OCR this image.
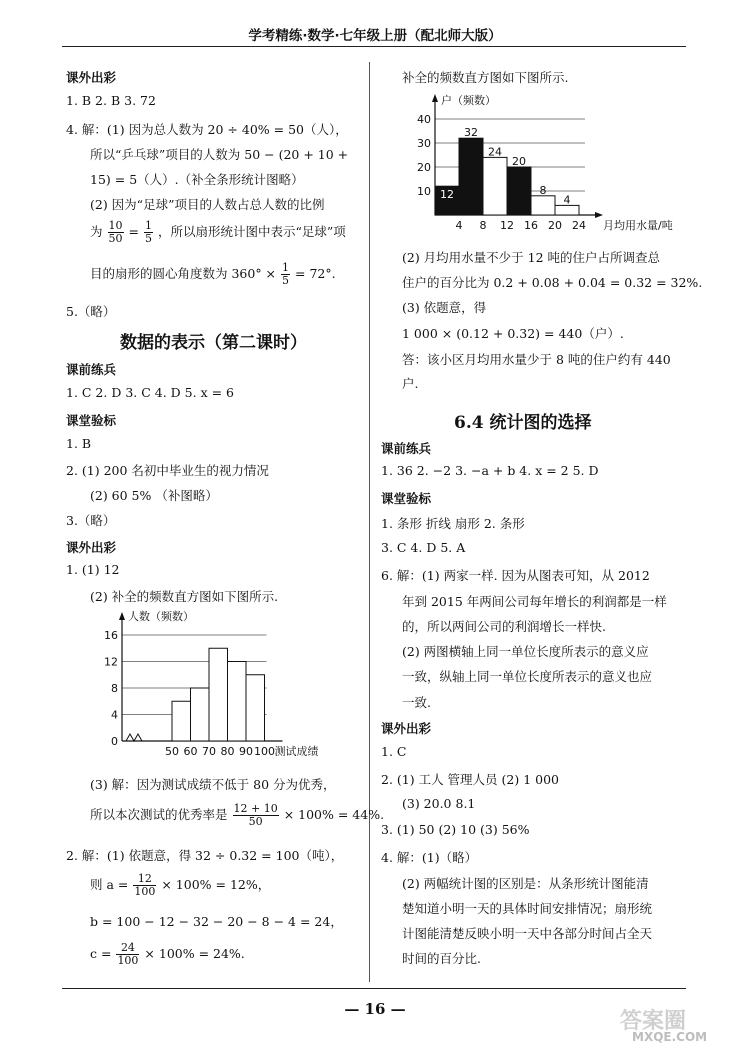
学考精练·数学·七年级上册（配北师大版）
课外出彩
1. B 2. B 3. 72
4. 解：(1) 因为总人数为 20 ÷ 40% = 50（人），
所以“乒乓球”项目的人数为 50 − (20 + 10 +
15) = 5（人）.（补全条形统计图略）
(2) 因为“足球”项目的人数占总人数的比例
为 $\frac{10}{50} = \frac{1}{5}$ ，所以扇形统计图中表示“足球”项
目的扇形的圆心角度数为 $360^\circ \times \frac{1}{5} = 72^\circ$.
5.（略）
数据的表示（第二课时）
课前练兵
1. C 2. D 3. C 4. D 5. x = 6
课堂验标
1. B
2. (1) 200 名初中毕业生的视力情况
(2) 60 5% （补图略）
3.（略）
课外出彩
1. (1) 12
(2) 补全的频数直方图如下图所示.
0
4
8
12
16
50 60 70 80 90 100
人数（频数）
测试成绩
(3) 解：因为测试成绩不低于 80 分为优秀，
所以本次测试的优秀率是 $\frac{12 + 10}{50} \times 100\% = 44\%$.
2. 解：(1) 依题意，得 32 ÷ 0.32 = 100（吨），
则 $a = \frac{12}{100} \times 100\% = 12\%$，
b = 100 − 12 − 32 − 20 − 8 − 4 = 24，
$c = \frac{24}{100} \times 100\% = 24\%$.
补全的频数直方图如下图所示.
10
20
30
40
12
32
24
20
8
4
4 8 12 16 20 24
户（频数）
月均用水量/吨
(2) 月均用水量不少于 12 吨的住户占所调查总
住户的百分比为 0.2 + 0.08 + 0.04 = 0.32 = 32%.
(3) 依题意，得
1 000 × (0.12 + 0.32) = 440（户）.
答：该小区月均用水量少于 8 吨的住户约有 440
户.
6.4 统计图的选择
课前练兵
1. 36 2. −2 3. −a + b 4. x = 2 5. D
课堂验标
1. 条形 折线 扇形 2. 条形
3. C 4. D 5. A
6. 解：(1) 两家一样. 因为从图表可知，从 2012
年到 2015 年两间公司每年增长的利润都是一样
的，所以两间公司的利润增长一样快.
(2) 两图横轴上同一单位长度所表示的意义应
一致，纵轴上同一单位长度所表示的意义也应
一致.
课外出彩
1. C
2. (1) 工人 管理人员 (2) 1 000
(3) 20.0 8.1
3. (1) 50 (2) 10 (3) 56%
4. 解：(1)（略）
(2) 两幅统计图的区别是：从条形统计图能清
楚知道小明一天的具体时间安排情况；扇形统
计图能清楚反映小明一天中各部分时间占全天
时间的百分比.
— 16 —	答案圈
MXQE.COM
